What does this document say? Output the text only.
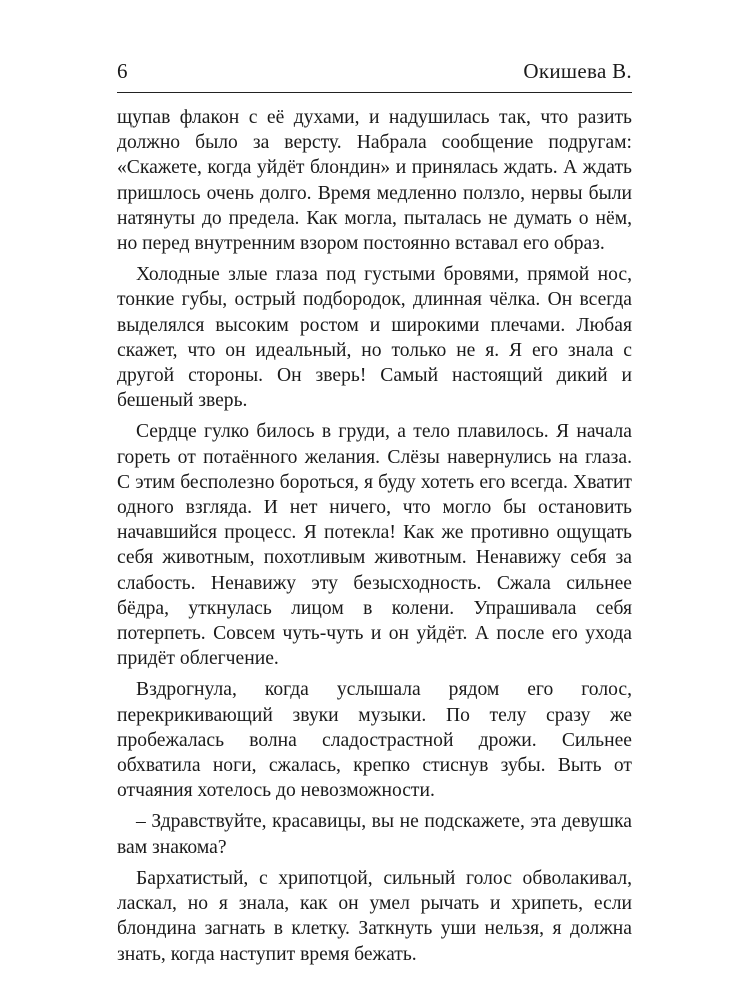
6	Окишева В.

щупав флакон с её духами, и надушилась так, что разить должно было за версту. Набрала сообщение подругам: «Скажете, когда уйдёт блондин» и принялась ждать. А ждать пришлось очень долго. Время медленно ползло, нервы были натянуты до предела. Как могла, пыталась не думать о нём, но перед внутренним взором постоянно вставал его образ.

Холодные злые глаза под густыми бровями, прямой нос, тонкие губы, острый подбородок, длинная чёлка. Он всегда выделялся высоким ростом и широкими плечами. Любая скажет, что он идеальный, но только не я. Я его знала с другой стороны. Он зверь! Самый настоящий дикий и бешеный зверь.

Сердце гулко билось в груди, а тело плавилось. Я начала гореть от потаённого желания. Слёзы навернулись на глаза. С этим бесполезно бороться, я буду хотеть его всегда. Хватит одного взгляда. И нет ничего, что могло бы остановить начавшийся процесс. Я потекла! Как же противно ощущать себя животным, похотливым животным. Ненавижу себя за слабость. Ненавижу эту безысходность. Сжала сильнее бёдра, уткнулась лицом в колени. Упрашивала себя потерпеть. Совсем чуть-чуть и он уйдёт. А после его ухода придёт облегчение.

Вздрогнула, когда услышала рядом его голос, перекрикивающий звуки музыки. По телу сразу же пробежалась волна сладострастной дрожи. Сильнее обхватила ноги, сжалась, крепко стиснув зубы. Выть от отчаяния хотелось до невозможности.

– Здравствуйте, красавицы, вы не подскажете, эта девушка вам знакома?

Бархатистый, с хрипотцой, сильный голос обволакивал, ласкал, но я знала, как он умел рычать и хрипеть, если блондина загнать в клетку. Заткнуть уши нельзя, я должна знать, когда наступит время бежать.
